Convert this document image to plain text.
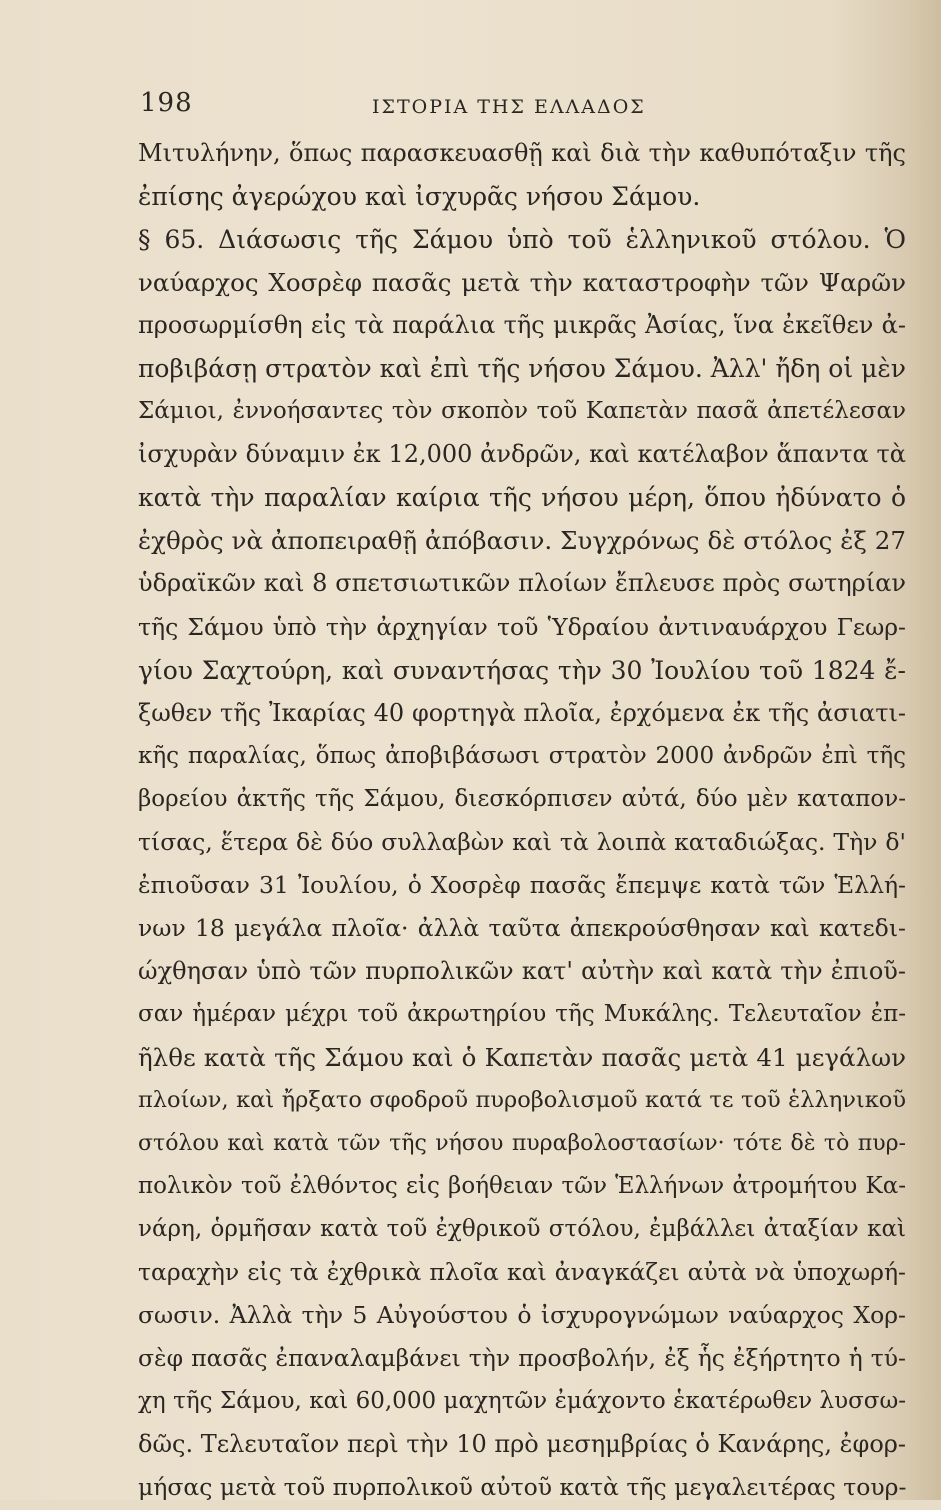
198	ΙΣΤΟΡΙΑ ΤΗΣ ΕΛΛΑΔΟΣ
Μιτυλήνην, ὅπως παρασκευασθῇ καὶ διὰ τὴν καθυπόταξιν τῆς
ἐπίσης ἀγερώχου καὶ ἰσχυρᾶς νήσου Σάμου.
§ 65. Διάσωσις τῆς Σάμου ὑπὸ τοῦ ἑλληνικοῦ στόλου. Ὁ
ναύαρχος Χοσρὲφ πασᾶς μετὰ τὴν καταστροφὴν τῶν Ψαρῶν
προσωρμίσθη εἰς τὰ παράλια τῆς μικρᾶς Ἀσίας, ἵνα ἐκεῖθεν ἀ-
ποβιβάσῃ στρατὸν καὶ ἐπὶ τῆς νήσου Σάμου. Ἀλλ' ἤδη οἱ μὲν
Σάμιοι, ἐννοήσαντες τὸν σκοπὸν τοῦ Καπετὰν πασᾶ ἀπετέλεσαν
ἰσχυρὰν δύναμιν ἐκ 12,000 ἀνδρῶν, καὶ κατέλαβον ἅπαντα τὰ
κατὰ τὴν παραλίαν καίρια τῆς νήσου μέρη, ὅπου ἠδύνατο ὁ
ἐχθρὸς νὰ ἀποπειραθῇ ἀπόβασιν. Συγχρόνως δὲ στόλος ἐξ 27
ὑδραϊκῶν καὶ 8 σπετσιωτικῶν πλοίων ἔπλευσε πρὸς σωτηρίαν
τῆς Σάμου ὑπὸ τὴν ἀρχηγίαν τοῦ Ὑδραίου ἀντιναυάρχου Γεωρ-
γίου Σαχτούρη, καὶ συναντήσας τὴν 30 Ἰουλίου τοῦ 1824 ἔ-
ξωθεν τῆς Ἰκαρίας 40 φορτηγὰ πλοῖα, ἐρχόμενα ἐκ τῆς ἀσιατι-
κῆς παραλίας, ὅπως ἀποβιβάσωσι στρατὸν 2000 ἀνδρῶν ἐπὶ τῆς
βορείου ἀκτῆς τῆς Σάμου, διεσκόρπισεν αὐτά, δύο μὲν καταπον-
τίσας, ἕτερα δὲ δύο συλλαβὼν καὶ τὰ λοιπὰ καταδιώξας. Τὴν δ'
ἐπιοῦσαν 31 Ἰουλίου, ὁ Χοσρὲφ πασᾶς ἔπεμψε κατὰ τῶν Ἑλλή-
νων 18 μεγάλα πλοῖα· ἀλλὰ ταῦτα ἀπεκρούσθησαν καὶ κατεδι-
ώχθησαν ὑπὸ τῶν πυρπολικῶν κατ' αὐτὴν καὶ κατὰ τὴν ἐπιοῦ-
σαν ἡμέραν μέχρι τοῦ ἀκρωτηρίου τῆς Μυκάλης. Τελευταῖον ἐπ-
ῆλθε κατὰ τῆς Σάμου καὶ ὁ Καπετὰν πασᾶς μετὰ 41 μεγάλων
πλοίων, καὶ ἤρξατο σφοδροῦ πυροβολισμοῦ κατά τε τοῦ ἑλληνικοῦ
στόλου καὶ κατὰ τῶν τῆς νήσου πυραβολοστασίων· τότε δὲ τὸ πυρ-
πολικὸν τοῦ ἐλθόντος εἰς βοήθειαν τῶν Ἑλλήνων ἀτρομήτου Κα-
νάρη, ὁρμῆσαν κατὰ τοῦ ἐχθρικοῦ στόλου, ἐμβάλλει ἀταξίαν καὶ
ταραχὴν εἰς τὰ ἐχθρικὰ πλοῖα καὶ ἀναγκάζει αὐτὰ νὰ ὑποχωρή-
σωσιν. Ἀλλὰ τὴν 5 Αὐγούστου ὁ ἰσχυρογνώμων ναύαρχος Χορ-
σὲφ πασᾶς ἐπαναλαμβάνει τὴν προσβολήν, ἐξ ἧς ἐξήρτητο ἡ τύ-
χη τῆς Σάμου, καὶ 60,000 μαχητῶν ἐμάχοντο ἑκατέρωθεν λυσσω-
δῶς. Τελευταῖον περὶ τὴν 10 πρὸ μεσημβρίας ὁ Κανάρης, ἐφορ-
μήσας μετὰ τοῦ πυρπολικοῦ αὐτοῦ κατὰ τῆς μεγαλειτέρας τουρ-
